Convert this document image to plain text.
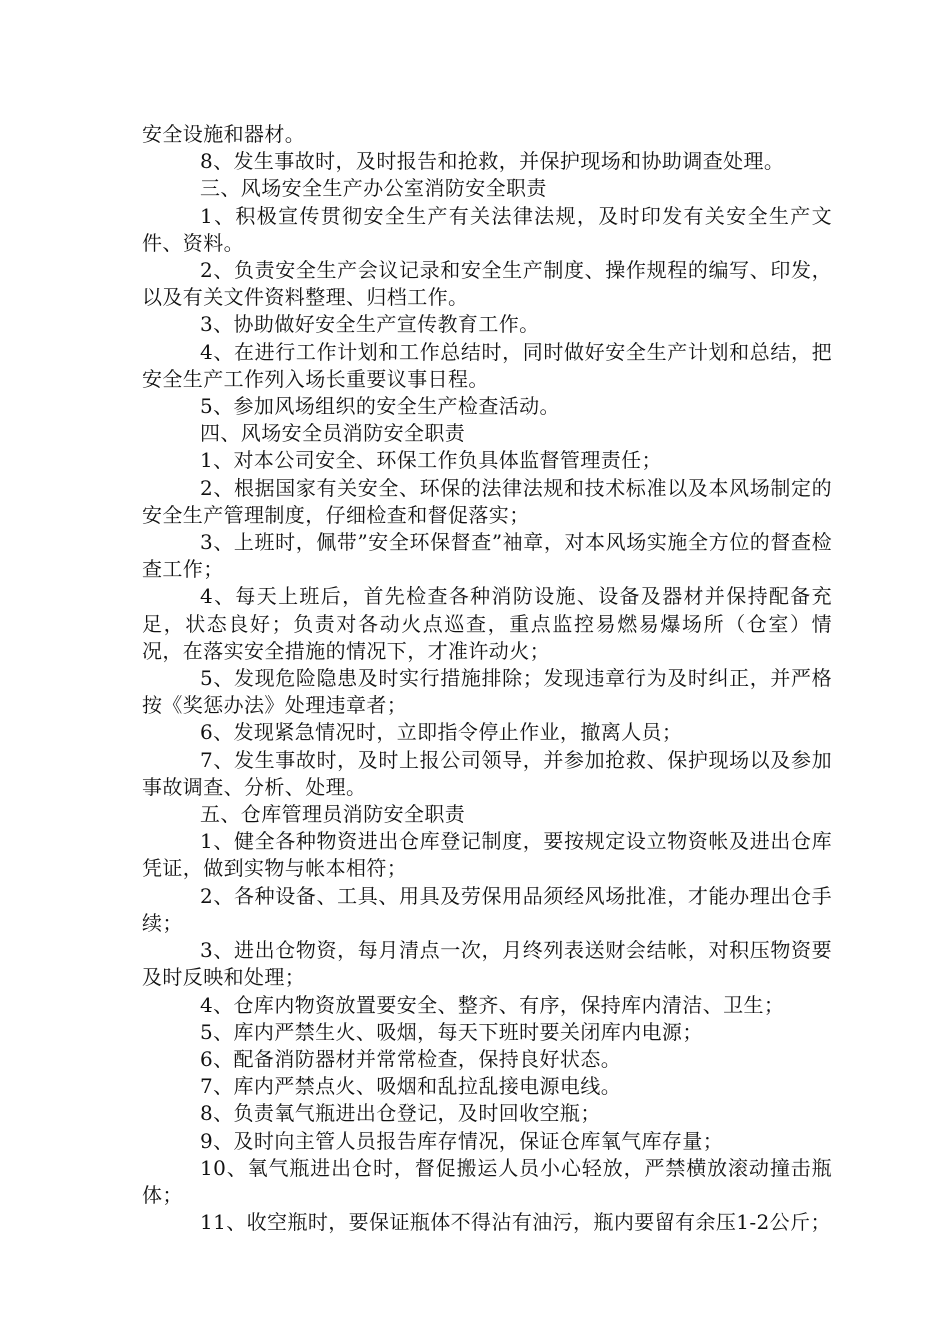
安全设施和器材。

8、发生事故时，及时报告和抢救，并保护现场和协助调查处理。

三、风场安全生产办公室消防安全职责

1、积极宣传贯彻安全生产有关法律法规，及时印发有关安全生产文件、资料。

2、负责安全生产会议记录和安全生产制度、操作规程的编写、印发，以及有关文件资料整理、归档工作。

3、协助做好安全生产宣传教育工作。

4、在进行工作计划和工作总结时，同时做好安全生产计划和总结，把安全生产工作列入场长重要议事日程。

5、参加风场组织的安全生产检查活动。

四、风场安全员消防安全职责

1、对本公司安全、环保工作负具体监督管理责任；

2、根据国家有关安全、环保的法律法规和技术标准以及本风场制定的安全生产管理制度，仔细检查和督促落实；

3、上班时，佩带”安全环保督查”袖章，对本风场实施全方位的督查检查工作；

4、每天上班后，首先检查各种消防设施、设备及器材并保持配备充足，状态良好；负责对各动火点巡查，重点监控易燃易爆场所（仓室）情况，在落实安全措施的情况下，才准许动火；

5、发现危险隐患及时实行措施排除；发现违章行为及时纠正，并严格按《奖惩办法》处理违章者；

6、发现紧急情况时，立即指令停止作业，撤离人员；

7、发生事故时，及时上报公司领导，并参加抢救、保护现场以及参加事故调查、分析、处理。

五、仓库管理员消防安全职责

1、健全各种物资进出仓库登记制度，要按规定设立物资帐及进出仓库凭证，做到实物与帐本相符；

2、各种设备、工具、用具及劳保用品须经风场批准，才能办理出仓手续；

3、进出仓物资，每月清点一次，月终列表送财会结帐，对积压物资要及时反映和处理；

4、仓库内物资放置要安全、整齐、有序，保持库内清洁、卫生；

5、库内严禁生火、吸烟，每天下班时要关闭库内电源；

6、配备消防器材并常常检查，保持良好状态。

7、库内严禁点火、吸烟和乱拉乱接电源电线。

8、负责氧气瓶进出仓登记，及时回收空瓶；

9、及时向主管人员报告库存情况，保证仓库氧气库存量；

10、氧气瓶进出仓时，督促搬运人员小心轻放，严禁横放滚动撞击瓶体；

11、收空瓶时，要保证瓶体不得沾有油污，瓶内要留有余压1-2公斤；
